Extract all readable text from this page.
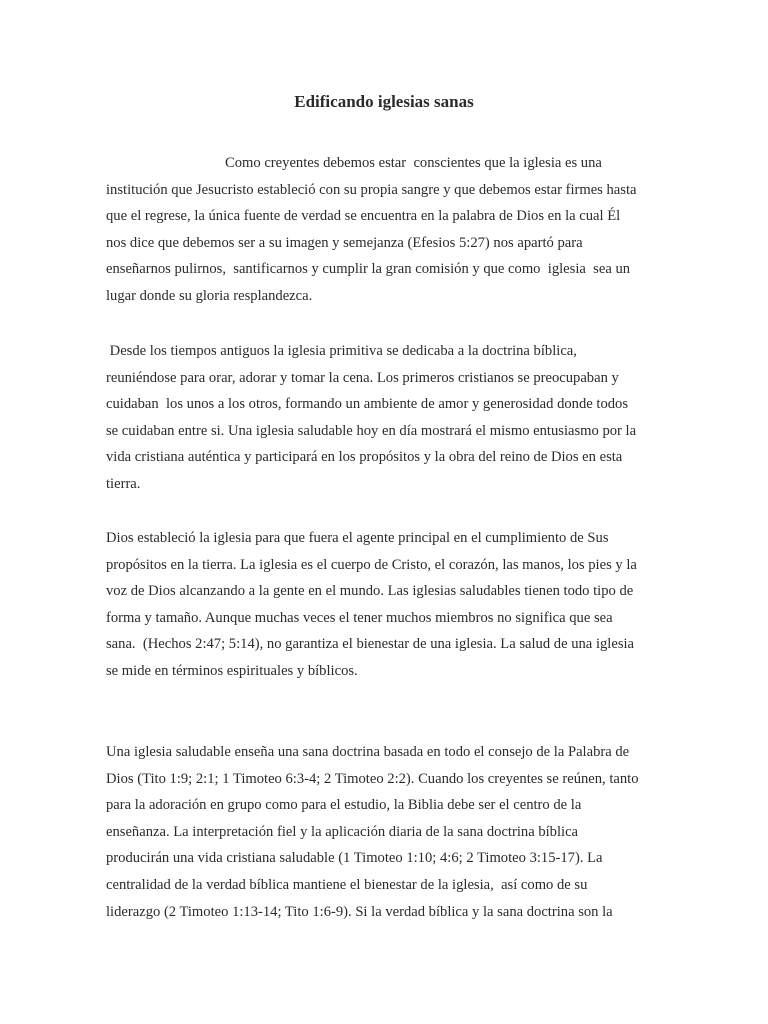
Edificando iglesias sanas
Como creyentes debemos estar  conscientes que la iglesia es una
institución que Jesucristo estableció con su propia sangre y que debemos estar firmes hasta
que el regrese, la única fuente de verdad se encuentra en la palabra de Dios en la cual Él
nos dice que debemos ser a su imagen y semejanza (Efesios 5:27) nos apartó para
enseñarnos pulirnos,  santificarnos y cumplir la gran comisión y que como  iglesia  sea un
lugar donde su gloria resplandezca.
Desde los tiempos antiguos la iglesia primitiva se dedicaba a la doctrina bíblica,
reuniéndose para orar, adorar y tomar la cena. Los primeros cristianos se preocupaban y
cuidaban  los unos a los otros, formando un ambiente de amor y generosidad donde todos
se cuidaban entre si. Una iglesia saludable hoy en día mostrará el mismo entusiasmo por la
vida cristiana auténtica y participará en los propósitos y la obra del reino de Dios en esta
tierra.
Dios estableció la iglesia para que fuera el agente principal en el cumplimiento de Sus
propósitos en la tierra. La iglesia es el cuerpo de Cristo, el corazón, las manos, los pies y la
voz de Dios alcanzando a la gente en el mundo. Las iglesias saludables tienen todo tipo de
forma y tamaño. Aunque muchas veces el tener muchos miembros no significa que sea
sana.  (Hechos 2:47; 5:14), no garantiza el bienestar de una iglesia. La salud de una iglesia
se mide en términos espirituales y bíblicos.
Una iglesia saludable enseña una sana doctrina basada en todo el consejo de la Palabra de
Dios (Tito 1:9; 2:1; 1 Timoteo 6:3-4; 2 Timoteo 2:2). Cuando los creyentes se reúnen, tanto
para la adoración en grupo como para el estudio, la Biblia debe ser el centro de la
enseñanza. La interpretación fiel y la aplicación diaria de la sana doctrina bíblica
producirán una vida cristiana saludable (1 Timoteo 1:10; 4:6; 2 Timoteo 3:15-17). La
centralidad de la verdad bíblica mantiene el bienestar de la iglesia,  así como de su
liderazgo (2 Timoteo 1:13-14; Tito 1:6-9). Si la verdad bíblica y la sana doctrina son la
